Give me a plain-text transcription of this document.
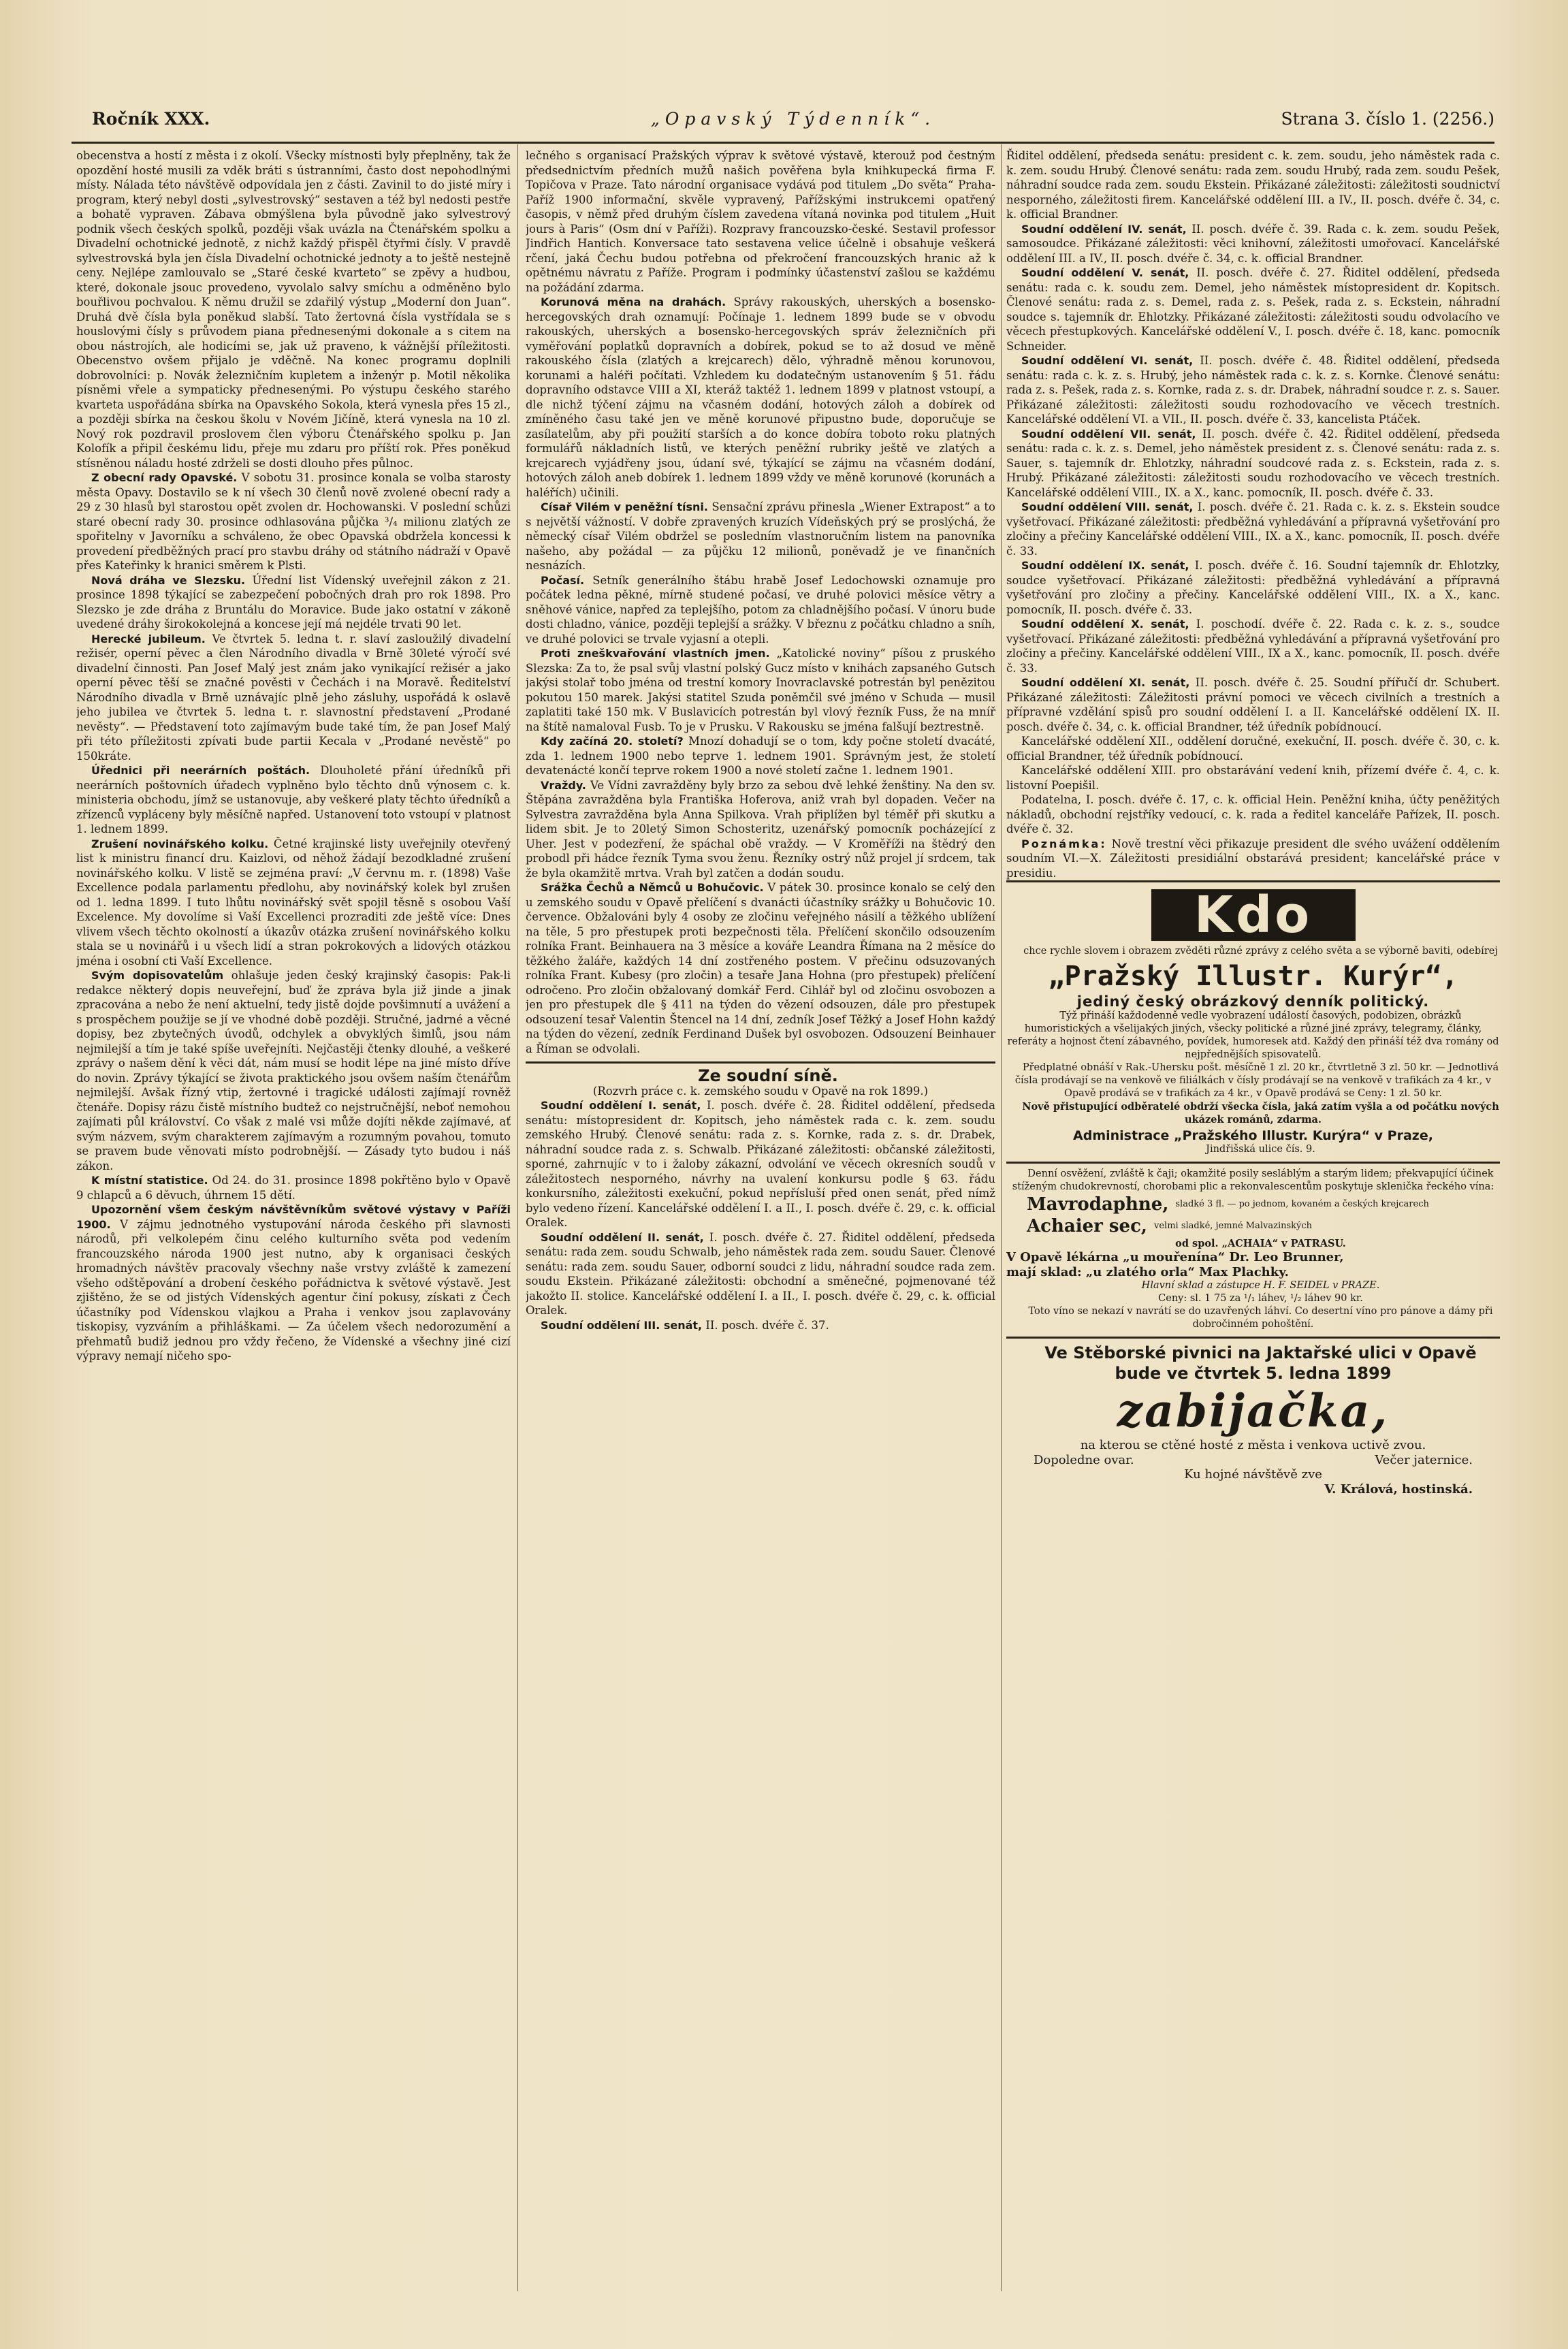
Ročník XXX.	„Opavský Týdenník“.	Strana 3. číslo 1. (2256.)

obecenstva a hostí z města i z okolí. Všecky místnosti byly přeplněny, tak že opozdění hosté musili za vděk bráti s ústranními, často dost nepohodlnými místy. Nálada této návštěvě odpovídala jen z části. Zavinil to do jisté míry i program, který nebyl dosti „sylvestrovský“ sestaven a též byl nedosti pestře a bohatě vypraven. Zábava obmýšlena byla původně jako sylvestrový podnik všech českých spolků, později však uvázla na Čtenářském spolku a Divadelní ochotnické jednotě, z nichž každý přispěl čtyřmi čísly. V pravdě sylvestrovská byla jen čísla Divadelní ochotnické jednoty a to ještě nestejně ceny. Nejlépe zamlouvalo se „Staré české kvarteto“ se zpěvy a hudbou, které, dokonale jsouc provedeno, vyvolalo salvy smíchu a odměněno bylo bouřlivou pochvalou. K němu družil se zdařilý výstup „Moderní don Juan“. Druhá dvě čísla byla poněkud slabší. Tato žertovná čísla vystřídala se s houslovými čísly s průvodem piana přednesenými dokonale a s citem na obou nástrojích, ale hodicími se, jak už praveno, k vážnější příležitosti. Obecenstvo ovšem přijalo je vděčně. Na konec programu doplnili dobrovolníci: p. Novák železničním kupletem a inženýr p. Motil několika písněmi vřele a sympaticky přednesenými. Po výstupu českého starého kvarteta uspořádána sbírka na Opavského Sokola, která vynesla přes 15 zl., a později sbírka na českou školu v Novém Jičíně, která vynesla na 10 zl. Nový rok pozdravil proslovem člen výboru Čtenářského spolku p. Jan Kolofík a připil českému lidu, přeje mu zdaru pro příští rok. Přes poněkud stísněnou náladu hosté zdrželi se dosti dlouho přes půlnoc.

Z obecní rady Opavské. V sobotu 31. prosince konala se volba starosty města Opavy. Dostavilo se k ní všech 30 členů nově zvolené obecní rady a 29 z 30 hlasů byl starostou opět zvolen dr. Hochowanski. V poslední schůzi staré obecní rady 30. prosince odhlasována půjčka ³/₄ milionu zlatých ze spořitelny v Javorníku a schváleno, že obec Opavská obdržela koncessi k provedení předběžných prací pro stavbu dráhy od státního nádraží v Opavě přes Kateřinky k hranici směrem k Plsti.

Nová dráha ve Slezsku. Úřední list Vídenský uveřejnil zákon z 21. prosince 1898 týkající se zabezpečení pobočných drah pro rok 1898. Pro Slezsko je zde dráha z Bruntálu do Moravice. Bude jako ostatní v zákoně uvedené dráhy širokokolejná a koncese její má nejdéle trvati 90 let.

Herecké jubileum. Ve čtvrtek 5. ledna t. r. slaví zasloužilý divadelní režisér, operní pěvec a člen Národního divadla v Brně 30leté výročí své divadelní činnosti. Pan Josef Malý jest znám jako vynikající režisér a jako operní pěvec těší se značné pověsti v Čechách i na Moravě. Ředitelství Národního divadla v Brně uznávajíc plně jeho zásluhy, uspořádá k oslavě jeho jubilea ve čtvrtek 5. ledna t. r. slavnostní představení „Prodané nevěsty“. — Představení toto zajímavým bude také tím, že pan Josef Malý při této příležitosti zpívati bude partii Kecala v „Prodané nevěstě“ po 150kráte.

Úřednici při neerárních poštách. Dlouholeté přání úředníků při neerárních poštovních úřadech vyplněno bylo těchto dnů výnosem c. k. ministeria obchodu, jímž se ustanovuje, aby veškeré platy těchto úředníků a zřízenců vypláceny byly měsíčně napřed. Ustanovení toto vstoupí v platnost 1. lednem 1899.

Zrušení novinářského kolku. Četné krajinské listy uveřejnily otevřený list k ministru financí dru. Kaizlovi, od něhož žádají bezodkladné zrušení novinářského kolku. V listě se zejména praví: „V červnu m. r. (1898) Vaše Excellence podala parlamentu předlohu, aby novinářský kolek byl zrušen od 1. ledna 1899. I tuto lhůtu novinářský svět spojil těsně s osobou Vaší Excelence. My dovolíme si Vaší Excellenci prozraditi zde ještě více: Dnes vlivem všech těchto okolností a úkazův otázka zrušení novinářského kolku stala se u novinářů i u všech lidí a stran pokrokových a lidových otázkou jména i osobní cti Vaší Excellence.

Svým dopisovatelům ohlašuje jeden český krajinský časopis: Pak-li redakce některý dopis neuveřejní, buď že zpráva byla již jinde a jinak zpracována a nebo že není aktuelní, tedy jistě dojde povšimnutí a uvážení a s prospěchem použije se jí ve vhodné době později. Stručné, jadrné a věcné dopisy, bez zbytečných úvodů, odchylek a obvyklých šimlů, jsou nám nejmilejší a tím je také spíše uveřejníti. Nejčastěji čtenky dlouhé, a veškeré zprávy o našem dění k věci dát, nám musí se hodit lépe na jiné místo dříve do novin. Zprávy týkající se života praktického jsou ovšem naším čtenářům nejmilejší. Avšak řízný vtip, žertovné i tragické události zajímají rovněž čtenáře. Dopisy rázu čistě místního budtež co nejstručnější, neboť nemohou zajímati půl království. Co však z malé vsi může dojíti někde zajímavé, ať svým názvem, svým charakterem zajímavým a rozumným povahou, tomuto se pravem bude věnovati místo podrobnější. — Zásady tyto budou i náš zákon.

K místní statistice. Od 24. do 31. prosince 1898 pokřtěno bylo v Opavě 9 chlapců a 6 děvuch, úhrnem 15 dětí.

Upozornění všem českým návštěvníkům světové výstavy v Paříži 1900. V zájmu jednotného vystupování národa českého při slavnosti národů, při velkolepém činu celého kulturního světa pod vedením francouzského národa 1900 jest nutno, aby k organisaci českých hromadných návštěv pracovaly všechny naše vrstvy zvláště k zamezení všeho odštěpování a drobení českého pořádnictva k světové výstavě. Jest zjištěno, že se od jistých Vídenských agentur činí pokusy, získati z Čech účastníky pod Vídenskou vlajkou a Praha i venkov jsou zaplavovány tiskopisy, vyzváním a přihláškami. — Za účelem všech nedorozumění a přehmatů budiž jednou pro vždy řečeno, že Vídenské a všechny jiné cizí výpravy nemají ničeho spo-

lečného s organisací Pražských výprav k světové výstavě, kterouž pod čestným předsednictvím předních mužů našich pověřena byla knihkupecká firma F. Topičova v Praze. Tato národní organisace vydává pod titulem „Do světa“ Praha-Paříž 1900 informační, skvěle vypravený, Pařížskými instrukcemi opatřený časopis, v němž před druhým číslem zavedena vítaná novinka pod titulem „Huit jours à Paris“ (Osm dní v Paříži). Rozpravy francouzsko-české. Sestavil professor Jindřich Hantich. Konversace tato sestavena velice účelně i obsahuje veškerá rčení, jaká Čechu budou potřebna od překročení francouzských hranic až k opětnému návratu z Paříže. Program i podmínky účastenství zašlou se každému na požádání zdarma.

Korunová měna na drahách. Správy rakouských, uherských a bosensko-hercegovských drah oznamují: Počínaje 1. lednem 1899 bude se v obvodu rakouských, uherských a bosensko-hercegovských správ železničních při vyměřování poplatků dopravních a dobírek, pokud se to až dosud ve měně rakouského čísla (zlatých a krejcarech) dělo, výhradně měnou korunovou, korunami a haléři počítati. Vzhledem ku dodatečným ustanovením § 51. řádu dopravního odstavce VIII a XI, kteráž taktéž 1. lednem 1899 v platnost vstoupí, a dle nichž týčení zájmu na včasném dodání, hotových záloh a dobírek od zmíněného času také jen ve měně korunové připustno bude, doporučuje se zasílatelům, aby při použití starších a do konce dobíra toboto roku platných formulářů nákladních listů, ve kterých peněžní rubriky ještě ve zlatých a krejcarech vyjádřeny jsou, údaní své, týkající se zájmu na včasném dodání, hotových záloh aneb dobírek 1. lednem 1899 vždy ve měně korunové (korunách a haléřích) učinili.

Císař Vilém v peněžní tísni. Sensační zprávu přinesla „Wiener Extrapost“ a to s největší vážností. V dobře zpravených kruzích Vídeňských prý se proslýchá, že německý císař Vilém obdržel se posledním vlastnoručním listem na panovníka našeho, aby požádal — za půjčku 12 milionů, poněvadž je ve finančních nesnázích.

Počasí. Setník generálního štábu hrabě Josef Ledochowski oznamuje pro počátek ledna pěkné, mírně studené počasí, ve druhé polovici měsíce větry a sněhové vánice, napřed za teplejšího, potom za chladnějšího počasí. V únoru bude dosti chladno, vánice, později teplejší a srážky. V březnu z počátku chladno a sníh, ve druhé polovici se trvale vyjasní a otepli.

Proti zneškvařování vlastních jmen. „Katolické noviny“ píšou z pruského Slezska: Za to, že psal svůj vlastní polský Gucz místo v knihách zapsaného Gutsch jakýsi stolař tobo jména od trestní komory Inovraclavské potrestán byl penězitou pokutou 150 marek. Jakýsi statitel Szuda poněmčil své jméno v Schuda — musil zaplatiti také 150 mk. V Buslavicích potrestán byl vlový řezník Fuss, že na mníř na štítě namaloval Fusb. To je v Prusku. V Rakousku se jména falšují beztrestně.

Kdy začíná 20. století? Mnozí dohadují se o tom, kdy počne století dvacáté, zda 1. lednem 1900 nebo teprve 1. lednem 1901. Správným jest, že století devatenácté končí teprve rokem 1900 a nové století začne 1. lednem 1901.

Vraždy. Ve Vídni zavražděny byly brzo za sebou dvě lehké ženštiny. Na den sv. Štěpána zavražděna byla Františka Hoferova, aniž vrah byl dopaden. Večer na Sylvestra zavražděna byla Anna Spilkova. Vrah připlížen byl téměř při skutku a lidem sbit. Je to 20letý Simon Schosteritz, uzenářský pomocník pocházející z Uher. Jest v podezření, že spáchal obě vraždy. — V Kroměříži na štědrý den probodl při hádce řezník Tyma svou ženu. Řezníky ostrý nůž projel jí srdcem, tak že byla okamžitě mrtva. Vrah byl zatčen a dodán soudu.

Srážka Čechů a Němců u Bohučovic. V pátek 30. prosince konalo se celý den u zemského soudu v Opavě přelíčení s dvanácti účastníky srážky u Bohučovic 10. července. Obžalováni byly 4 osoby ze zločinu veřejného násilí a těžkého ublížení na těle, 5 pro přestupek proti bezpečnosti těla. Přelíčení skončilo odsouzením rolníka Frant. Beinhauera na 3 měsíce a kováře Leandra Římana na 2 měsíce do těžkého žaláře, každých 14 dní zostřeného postem. V přečinu odsuzovaných rolníka Frant. Kubesy (pro zločin) a tesaře Jana Hohna (pro přestupek) přelíčení odročeno. Pro zločin obžalovaný domkář Ferd. Cihlář byl od zločinu osvobozen a jen pro přestupek dle § 411 na týden do vězení odsouzen, dále pro přestupek odsouzení tesař Valentin Štencel na 14 dní, zedník Josef Těžký a Josef Hohn každý na týden do vězení, zedník Ferdinand Dušek byl osvobozen. Odsouzení Beinhauer a Říman se odvolali.

Ze soudní síně.

(Rozvrh práce c. k. zemského soudu v Opavě na rok 1899.)

Soudní oddělení I. senát, I. posch. dvéře č. 28. Řiditel oddělení, předseda senátu: místopresident dr. Kopitsch, jeho náměstek rada c. k. zem. soudu zemského Hrubý. Členové senátu: rada z. s. Kornke, rada z. s. dr. Drabek, náhradní soudce rada z. s. Schwalb. Přikázané záležitosti: občanské záležitosti, sporné, zahrnujíc v to i žaloby zákazní, odvolání ve věcech okresních soudů v záležitostech nesporného, návrhy na uvalení konkursu podle § 63. řádu konkursního, záležitosti exekuční, pokud nepřísluší před onen senát, před nímž bylo vedeno řízení. Kancelářské oddělení I. a II., I. posch. dvéře č. 29, c. k. official Oralek.

Soudní oddělení II. senát, I. posch. dvéře č. 27. Řiditel oddělení, předseda senátu: rada zem. soudu Schwalb, jeho náměstek rada zem. soudu Sauer. Členové senátu: rada zem. soudu Sauer, odborní soudci z lidu, náhradní soudce rada zem. soudu Ekstein. Přikázané záležitosti: obchodní a směnečné, pojmenované též jakožto II. stolice. Kancelářské oddělení I. a II., I. posch. dvéře č. 29, c. k. official Oralek.

Soudní oddělení III. senát, II. posch. dvéře č. 37.

Řiditel oddělení, předseda senátu: president c. k. zem. soudu, jeho náměstek rada c. k. zem. soudu Hrubý. Členové senátu: rada zem. soudu Hrubý, rada zem. soudu Pešek, náhradní soudce rada zem. soudu Ekstein. Přikázané záležitosti: záležitosti soudnictví nesporného, záležitosti firem. Kancelářské oddělení III. a IV., II. posch. dvéře č. 34, c. k. official Brandner.

Soudní oddělení IV. senát, II. posch. dvéře č. 39. Rada c. k. zem. soudu Pešek, samosoudce. Přikázané záležitosti: věci knihovní, záležitosti umořovací. Kancelářské oddělení III. a IV., II. posch. dvéře č. 34, c. k. official Brandner.

Soudní oddělení V. senát, II. posch. dvéře č. 27. Řiditel oddělení, předseda senátu: rada c. k. soudu zem. Demel, jeho náměstek místopresident dr. Kopitsch. Členové senátu: rada z. s. Demel, rada z. s. Pešek, rada z. s. Eckstein, náhradní soudce s. tajemník dr. Ehlotzky. Přikázané záležitosti: záležitosti soudu odvolacího ve věcech přestupkových. Kancelářské oddělení V., I. posch. dvéře č. 18, kanc. pomocník Schneider.

Soudní oddělení VI. senát, II. posch. dvéře č. 48. Řiditel oddělení, předseda senátu: rada c. k. z. s. Hrubý, jeho náměstek rada c. k. z. s. Kornke. Členové senátu: rada z. s. Pešek, rada z. s. Kornke, rada z. s. dr. Drabek, náhradní soudce r. z. s. Sauer. Přikázané záležitosti: záležitosti soudu rozhodovacího ve věcech trestních. Kancelářské oddělení VI. a VII., II. posch. dvéře č. 33, kancelista Ptáček.

Soudní oddělení VII. senát, II. posch. dvéře č. 42. Řiditel oddělení, předseda senátu: rada c. k. z. s. Demel, jeho náměstek president z. s. Členové senátu: rada z. s. Sauer, s. tajemník dr. Ehlotzky, náhradní soudcové rada z. s. Eckstein, rada z. s. Hrubý. Přikázané záležitosti: záležitosti soudu rozhodovacího ve věcech trestních. Kancelářské oddělení VIII., IX. a X., kanc. pomocník, II. posch. dvéře č. 33.

Soudní oddělení VIII. senát, I. posch. dvéře č. 21. Rada c. k. z. s. Ekstein soudce vyšetřovací. Přikázané záležitosti: předběžná vyhledávání a přípravná vyšetřování pro zločiny a přečiny Kancelářské oddělení VIII., IX. a X., kanc. pomocník, II. posch. dvéře č. 33.

Soudní oddělení IX. senát, I. posch. dvéře č. 16. Soudní tajemník dr. Ehlotzky, soudce vyšetřovací. Přikázané záležitosti: předběžná vyhledávání a přípravná vyšetřování pro zločiny a přečiny. Kancelářské oddělení VIII., IX. a X., kanc. pomocník, II. posch. dvéře č. 33.

Soudní oddělení X. senát, I. poschodí. dvéře č. 22. Rada c. k. z. s., soudce vyšetřovací. Přikázané záležitosti: předběžná vyhledávání a přípravná vyšetřování pro zločiny a přečiny. Kancelářské oddělení VIII., IX a X., kanc. pomocník, II. posch. dvéře č. 33.

Soudní oddělení XI. senát, II. posch. dvéře č. 25. Soudní přířučí dr. Schubert. Přikázané záležitosti: Záležitosti právní pomoci ve věcech civilních a trestních a přípravné vzdělání spisů pro soudní oddělení I. a II. Kancelářské oddělení IX. II. posch. dvéře č. 34, c. k. official Brandner, též úředník pobídnoucí.

Kancelářské oddělení XII., oddělení doručné, exekuční, II. posch. dvéře č. 30, c. k. official Brandner, též úředník pobídnoucí.

Kancelářské oddělení XIII. pro obstarávání vedení knih, přízemí dvéře č. 4, c. k. listovní Poepišil.

Podatelna, I. posch. dvéře č. 17, c. k. official Hein. Peněžní kniha, účty peněžitých nákladů, obchodní rejstříky vedoucí, c. k. rada a ředitel kanceláře Pařízek, II. posch. dvéře č. 32.

Poznámka: Nově trestní věci přikazuje president dle svého uvážení oddělením soudním VI.—X. Záležitosti presidiální obstarává president; kancelářské práce v presidiu.

Kdo

chce rychle slovem i obrazem zvěděti různé zprávy z celého světa a se výborně baviti, odebírej

„Pražský Illustr. Kurýr“,
jediný český obrázkový denník politický.

Týž přináší každodenně vedle vyobrazení událostí časových, podobizen, obrázků humoristických a všelijakých jiných, všecky politické a různé jiné zprávy, telegramy, články, referáty a hojnost čtení zábavného, povídek, humoresek atd. Každý den přináší též dva romány od nejpřednějších spisovatelů.

Předplatné obnáší v Rak.-Uhersku pošt. měsíčně 1 zl. 20 kr., čtvrtletně 3 zl. 50 kr. — Jednotlivá čísla prodávají se na venkově ve filiálkách v čísly prodávají se na venkově v trafikách za 4 kr., v Opavě prodává se v trafikách za 4 kr., v Opavě prodává se Ceny: 1 zl. 50 kr.

Nově přistupující odběratelé obdrží všecka čísla, jaká zatím vyšla a od počátku nových ukázek románů, zdarma.

Administrace „Pražského Illustr. Kurýra“ v Praze,

Jindřišská ulice čís. 9.

Denní osvěžení, zvláště k čaji; okamžité posily sesláblým a starým lidem; překvapující účinek stíženým chudokrevností, chorobami plic a rekonvalescentům poskytuje sklenička řeckého vína:

Mavrodaphne, sladké 3 fl. — po jednom, kovaném a českých krejcarech
Achaier sec, velmi sladké, jemné Malvazinských

od spol. „ACHAIA“ v PATRASU.

V Opavě lékárna „u mouřenína“ Dr. Leo Brunner,

mají sklad: „u zlatého orla“ Max Plachky.

Hlavní sklad a zástupce H. F. SEIDEL v PRAZE.

Ceny: sl. 1 75 za ¹/₁ láhev, ¹/₂ láhev 90 kr.

Toto víno se nekazí v navrátí se do uzavřených láhví. Co desertní víno pro pánove a dámy při dobročinném pohoštění.

Ve Stěborské pivnici na Jaktařské ulici v Opavě bude ve čtvrtek 5. ledna 1899

zabijačka,

na kterou se ctěné hosté z města i venkova uctivě zvou.

Dopoledne ovar.	Večer jaternice.

Ku hojné návštěvě zve

V. Králová, hostinská.
